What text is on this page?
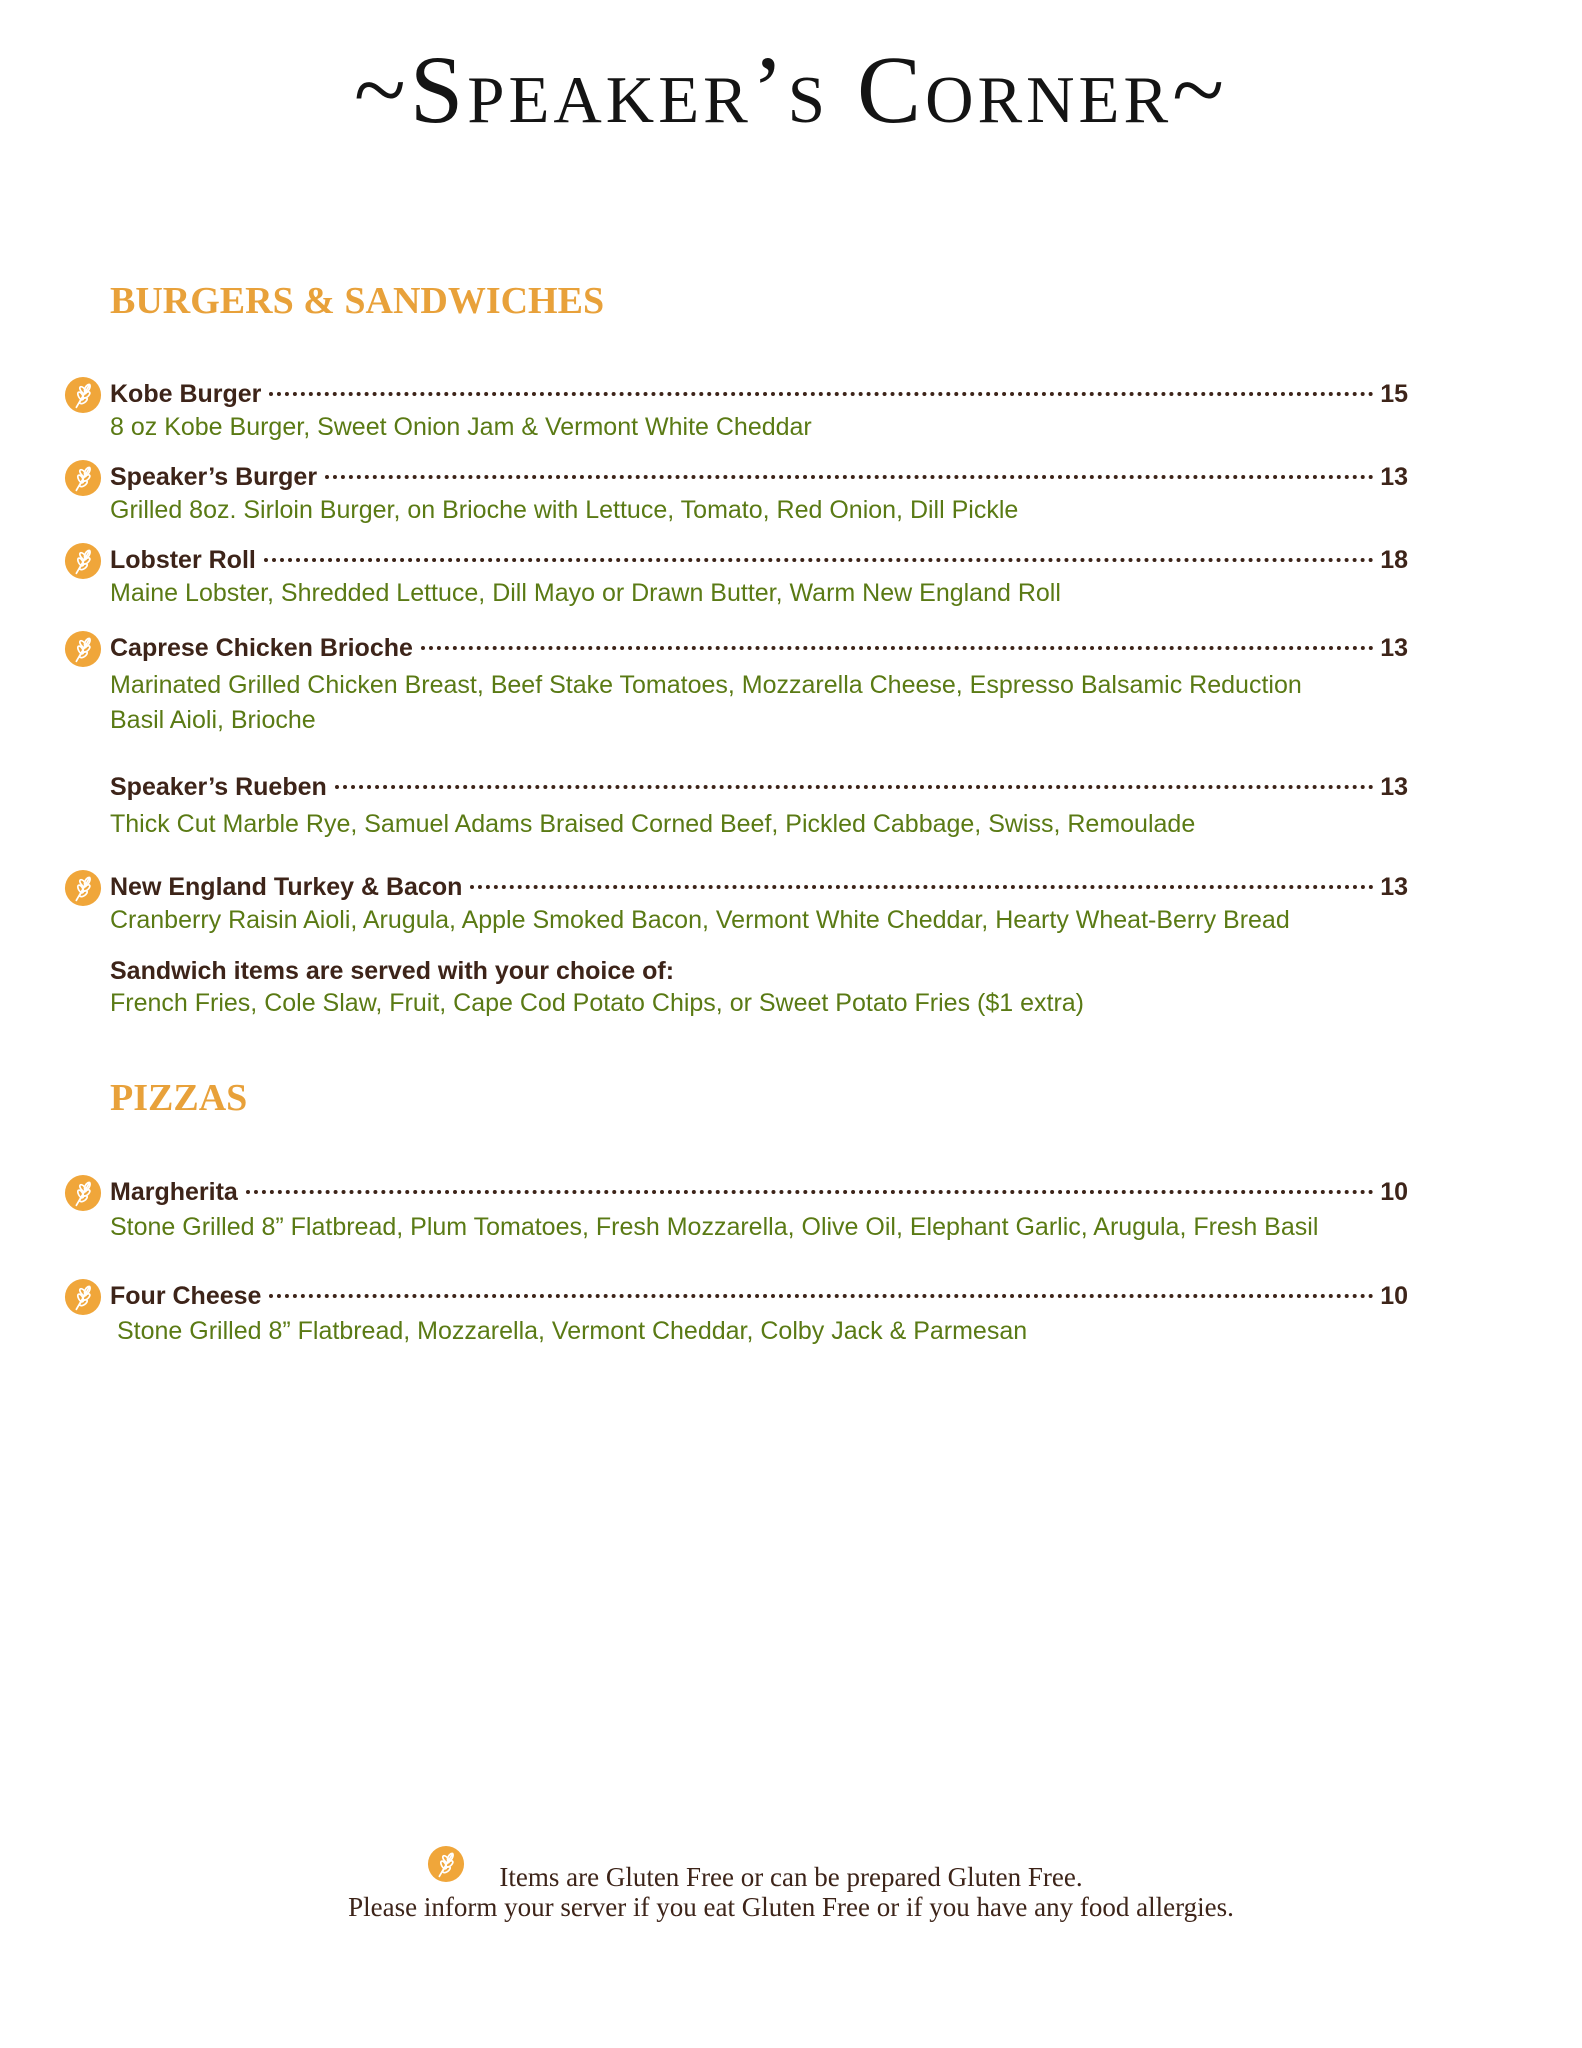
~Speaker’s Corner~
BURGERS & SANDWICHES
Kobe Burger	15
8 oz Kobe Burger, Sweet Onion Jam & Vermont White Cheddar
Speaker’s Burger	13
Grilled 8oz. Sirloin Burger, on Brioche with Lettuce, Tomato, Red Onion, Dill Pickle
Lobster Roll	18
Maine Lobster, Shredded Lettuce, Dill Mayo or Drawn Butter, Warm New England Roll
Caprese Chicken Brioche	13
Marinated Grilled Chicken Breast, Beef Stake Tomatoes, Mozzarella Cheese, Espresso Balsamic Reduction
Basil Aioli, Brioche
Speaker’s Rueben	13
Thick Cut Marble Rye, Samuel Adams Braised Corned Beef, Pickled Cabbage, Swiss, Remoulade
New England Turkey & Bacon	13
Cranberry Raisin Aioli, Arugula, Apple Smoked Bacon, Vermont White Cheddar, Hearty Wheat-Berry Bread
Sandwich items are served with your choice of:
French Fries, Cole Slaw, Fruit, Cape Cod Potato Chips, or Sweet Potato Fries ($1 extra)
PIZZAS
Margherita	10
Stone Grilled 8” Flatbread, Plum Tomatoes, Fresh Mozzarella, Olive Oil, Elephant Garlic, Arugula, Fresh Basil
Four Cheese	10
Stone Grilled 8” Flatbread, Mozzarella, Vermont Cheddar, Colby Jack & Parmesan
Items are Gluten Free or can be prepared Gluten Free.
Please inform your server if you eat Gluten Free or if you have any food allergies.
